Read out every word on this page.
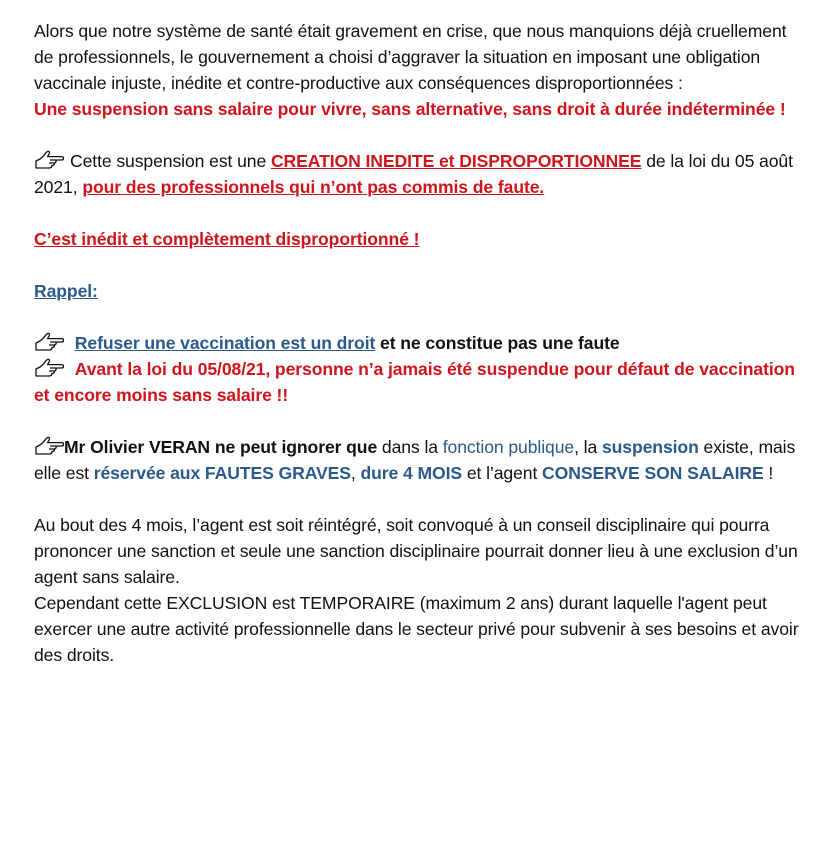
Alors que notre système de santé était gravement en crise, que nous manquions déjà cruellement de professionnels, le gouvernement a choisi d’aggraver la situation en imposant une obligation vaccinale injuste, inédite et contre-productive aux conséquences disproportionnées :
Une suspension sans salaire pour vivre, sans alternative, sans droit à durée indéterminée !

Cette suspension est une CREATION INEDITE et DISPROPORTIONNEE de la loi du 05 août 2021, pour des professionnels qui n’ont pas commis de faute.

C’est inédit et complètement disproportionné !

Rappel:

Refuser une vaccination est un droit et ne constitue pas une faute

Avant la loi du 05/08/21, personne n’a jamais été suspendue pour défaut de vaccination et encore moins sans salaire !!

Mr Olivier VERAN ne peut ignorer que dans la fonction publique, la suspension existe, mais elle est réservée aux FAUTES GRAVES, dure 4 MOIS et l’agent CONSERVE SON SALAIRE !

Au bout des 4 mois, l’agent est soit réintégré, soit convoqué à un conseil disciplinaire qui pourra prononcer une sanction et seule une sanction disciplinaire pourrait donner lieu à une exclusion d’un agent sans salaire.

Cependant cette EXCLUSION est TEMPORAIRE (maximum 2 ans) durant laquelle l'agent peut exercer une autre activité professionnelle dans le secteur privé pour subvenir à ses besoins et avoir des droits.
